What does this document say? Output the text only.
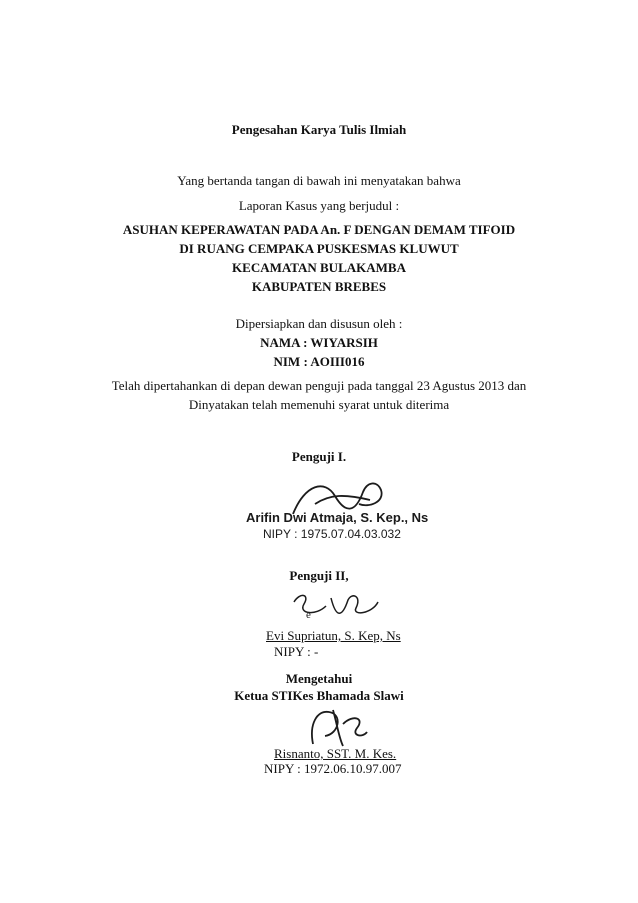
Pengesahan Karya Tulis Ilmiah
Yang bertanda tangan di bawah ini menyatakan bahwa
Laporan Kasus yang berjudul :
ASUHAN KEPERAWATAN PADA An. F DENGAN DEMAM TIFOID
DI RUANG CEMPAKA PUSKESMAS KLUWUT
KECAMATAN BULAKAMBA
KABUPATEN BREBES
Dipersiapkan dan disusun oleh :
NAMA : WIYARSIH
NIM : AOIII016
Telah dipertahankan di depan dewan penguji pada tanggal 23 Agustus 2013 dan
Dinyatakan telah memenuhi syarat untuk diterima
Penguji I.
Arifin Dwi Atmaja, S. Kep., Ns
NIPY : 1975.07.04.03.032
Penguji II,
e
Evi Supriatun, S. Kep, Ns
NIPY : -
Mengetahui
Ketua STIKes Bhamada Slawi
Risnanto, SST. M. Kes.
NIPY : 1972.06.10.97.007
